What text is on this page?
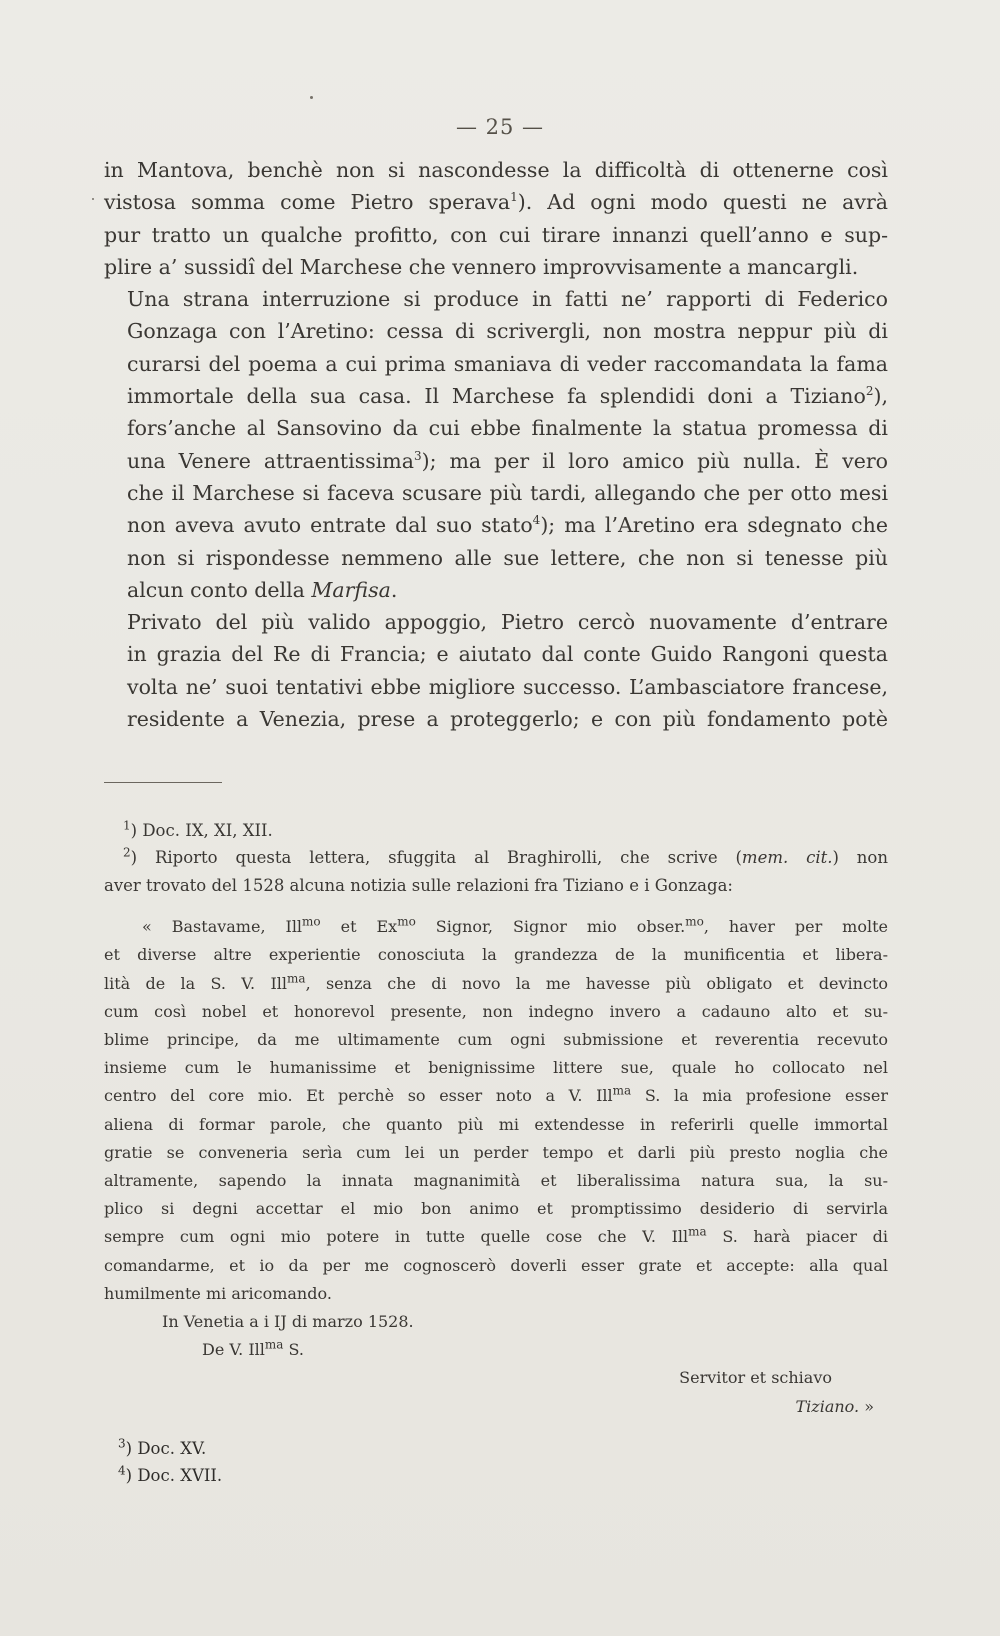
— 25 —

in Mantova, benchè non si nascondesse la difficoltà di ottenerne così
vistosa somma come Pietro sperava$^1$). Ad ogni modo questi ne avrà
pur tratto un qualche profitto, con cui tirare innanzi quell’anno e sup-
plire a’ sussidî del Marchese che vennero improvvisamente a mancargli.

Una strana interruzione si produce in fatti ne’ rapporti di Federico
Gonzaga con l’Aretino: cessa di scrivergli, non mostra neppur più di
curarsi del poema a cui prima smaniava di veder raccomandata la fama
immortale della sua casa. Il Marchese fa splendidi doni a Tiziano$^2$),
fors’anche al Sansovino da cui ebbe finalmente la statua promessa di
una Venere attraentissima$^3$); ma per il loro amico più nulla. È vero
che il Marchese si faceva scusare più tardi, allegando che per otto mesi
non aveva avuto entrate dal suo stato$^4$); ma l’Aretino era sdegnato che
non si rispondesse nemmeno alle sue lettere, che non si tenesse più
alcun conto della Marfisa.

Privato del più valido appoggio, Pietro cercò nuovamente d’entrare
in grazia del Re di Francia; e aiutato dal conte Guido Rangoni questa
volta ne’ suoi tentativi ebbe migliore successo. L’ambasciatore francese,
residente a Venezia, prese a proteggerlo; e con più fondamento potè

$^1$) Doc. IX, XI, XII.

$^2$) Riporto questa lettera, sfuggita al Braghirolli, che scrive (mem. cit.) non

aver trovato del 1528 alcuna notizia sulle relazioni fra Tiziano e i Gonzaga:

« Bastavame, Ill$^{mo}$ et Ex$^{mo}$ Signor, Signor mio obser.$^{mo}$, haver per molte
et diverse altre experientie conosciuta la grandezza de la munificentia et libera-
lità de la S. V. Ill$^{ma}$, senza che di novo la me havesse più obligato et devincto
cum così nobel et honorevol presente, non indegno invero a cadauno alto et su-
blime principe, da me ultimamente cum ogni submissione et reverentia recevuto
insieme cum le humanissime et benignissime littere sue, quale ho collocato nel
centro del core mio. Et perchè so esser noto a V. Ill$^{ma}$ S. la mia profesione esser
aliena di formar parole, che quanto più mi extendesse in referirli quelle immortal
gratie se conveneria serìa cum lei un perder tempo et darli più presto noglia che
altramente, sapendo la innata magnanimità et liberalissima natura sua, la su-
plico si degni accettar el mio bon animo et promptissimo desiderio di servirla
sempre cum ogni mio potere in tutte quelle cose che V. Ill$^{ma}$ S. harà piacer di
comandarme, et io da per me cognoscerò doverli esser grate et accepte: alla qual
humilmente mi aricomando.
In Venetia a i IJ di marzo 1528.
De V. Ill$^{ma}$ S.
Servitor et schiavo
Tiziano. »
$^3$) Doc. XV.
$^4$) Doc. XVII.
